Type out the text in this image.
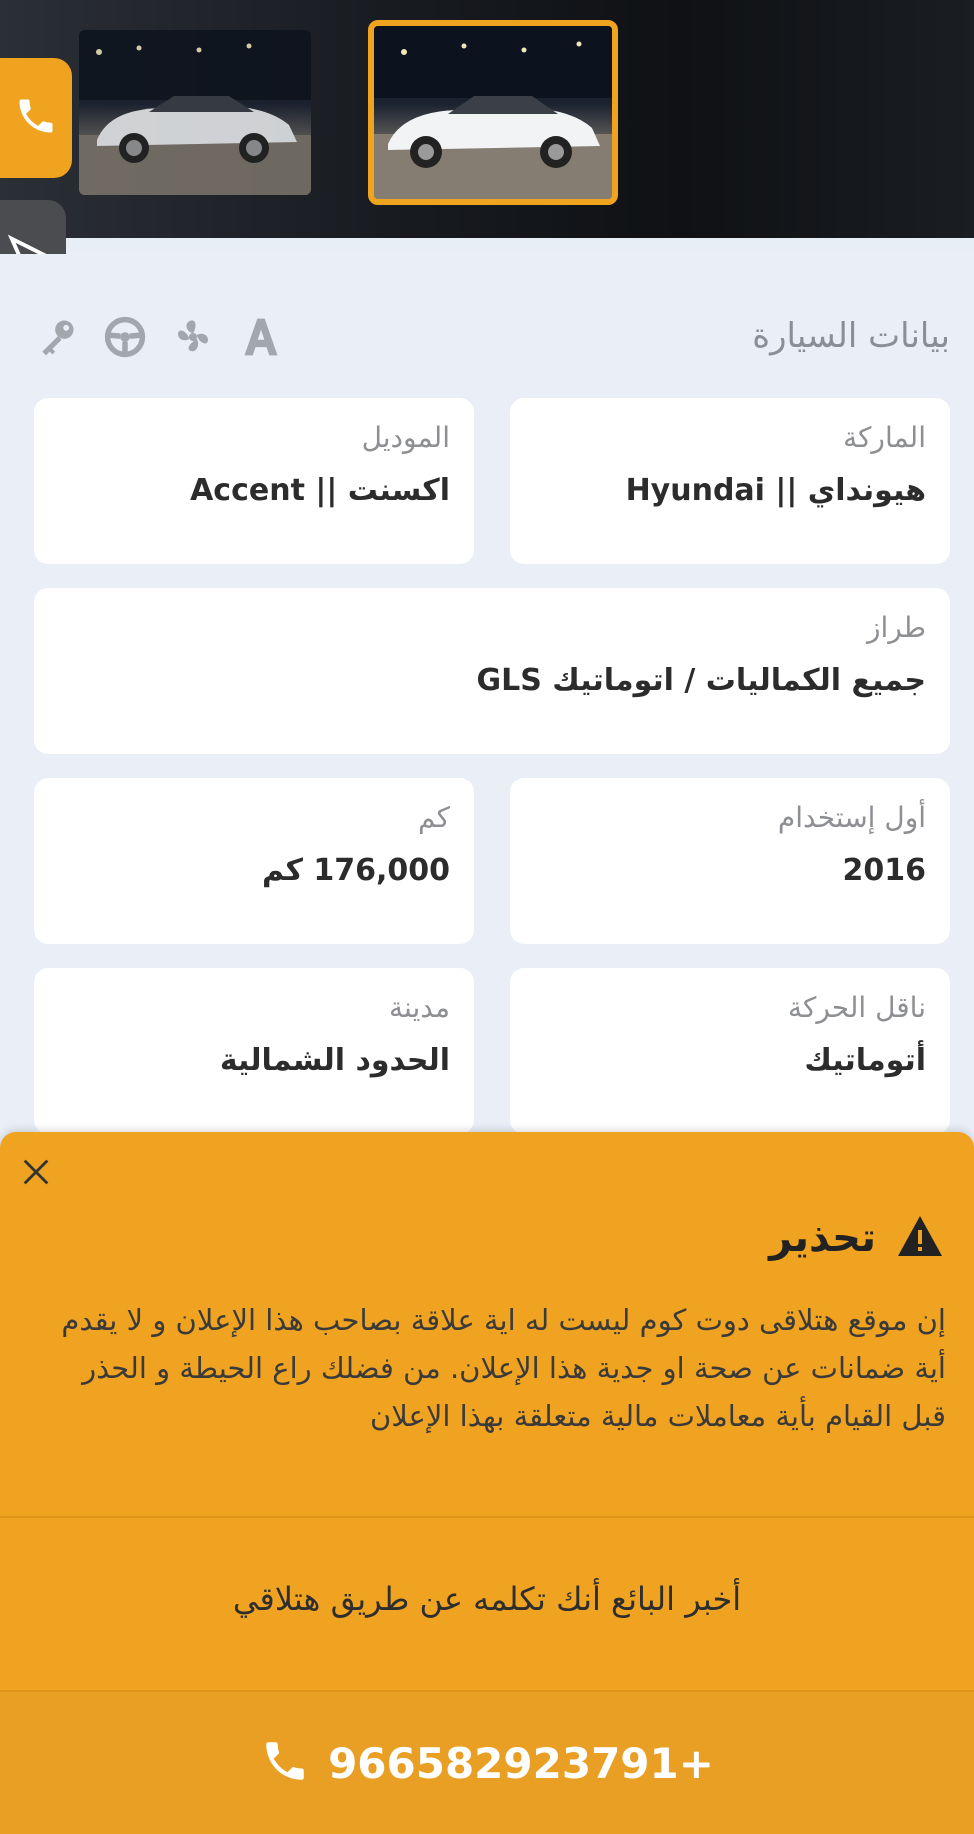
بيانات السيارة
الماركة
هيونداي || Hyundai
الموديل
اكسنت || Accent
طراز
جميع الكماليات / اتوماتيك GLS
أول إستخدام
2016
كم
176,000 كم
ناقل الحركة
أتوماتيك
مدينة
الحدود الشمالية
تحذير
إن موقع هتلاقى دوت كوم ليست له اية علاقة بصاحب هذا الإعلان و لا يقدم أية ضمانات عن صحة او جدية هذا الإعلان. من فضلك راع الحيطة و الحذر قبل القيام بأية معاملات مالية متعلقة بهذا الإعلان
أخبر البائع أنك تكلمه عن طريق هتلاقي
966582923791+
